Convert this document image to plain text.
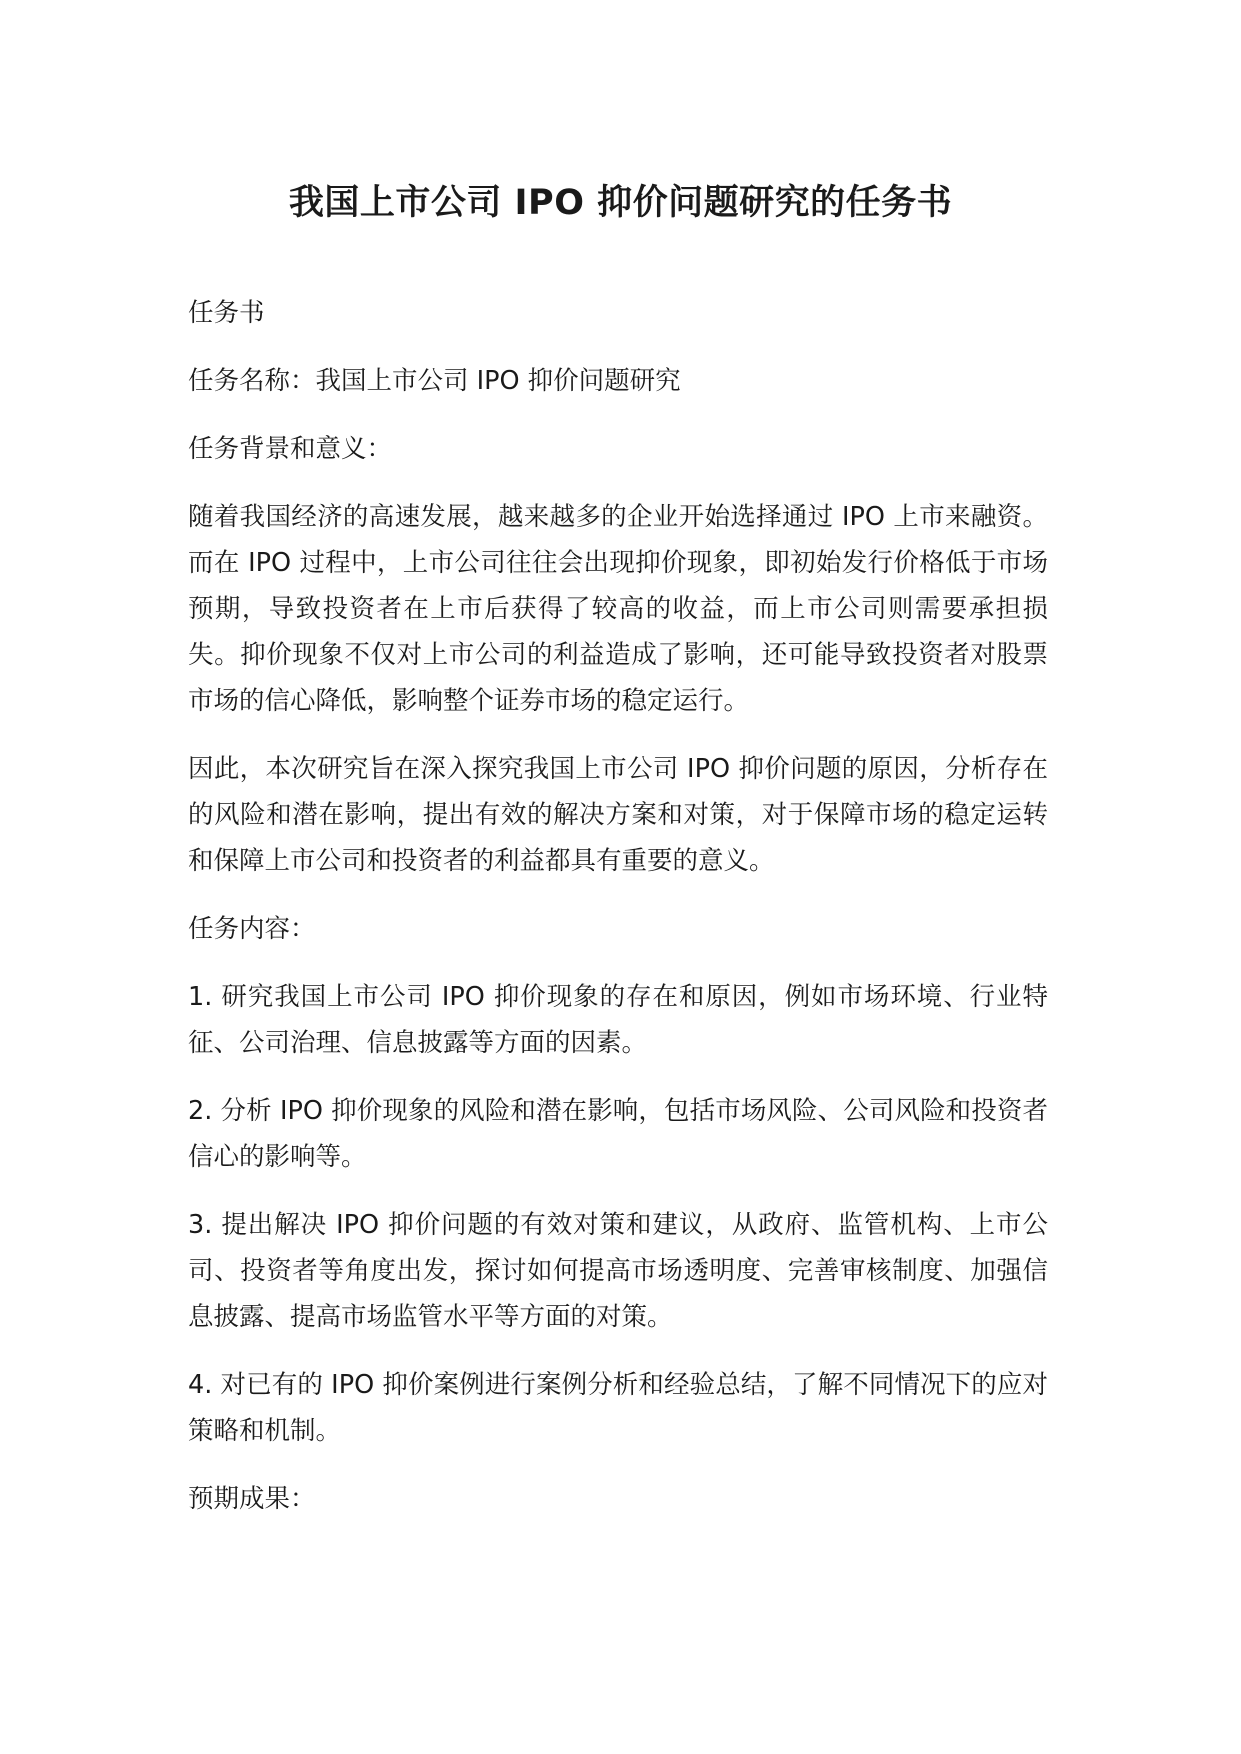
我国上市公司 IPO 抑价问题研究的任务书

任务书

任务名称：我国上市公司 IPO 抑价问题研究

任务背景和意义：

随着我国经济的高速发展，越来越多的企业开始选择通过 IPO 上市来融资。而在 IPO 过程中，上市公司往往会出现抑价现象，即初始发行价格低于市场预期，导致投资者在上市后获得了较高的收益，而上市公司则需要承担损失。抑价现象不仅对上市公司的利益造成了影响，还可能导致投资者对股票市场的信心降低，影响整个证券市场的稳定运行。

因此，本次研究旨在深入探究我国上市公司 IPO 抑价问题的原因，分析存在的风险和潜在影响，提出有效的解决方案和对策，对于保障市场的稳定运转和保障上市公司和投资者的利益都具有重要的意义。

任务内容：

1. 研究我国上市公司 IPO 抑价现象的存在和原因，例如市场环境、行业特征、公司治理、信息披露等方面的因素。

2. 分析 IPO 抑价现象的风险和潜在影响，包括市场风险、公司风险和投资者信心的影响等。

3. 提出解决 IPO 抑价问题的有效对策和建议，从政府、监管机构、上市公司、投资者等角度出发，探讨如何提高市场透明度、完善审核制度、加强信息披露、提高市场监管水平等方面的对策。

4. 对已有的 IPO 抑价案例进行案例分析和经验总结，了解不同情况下的应对策略和机制。

预期成果：
